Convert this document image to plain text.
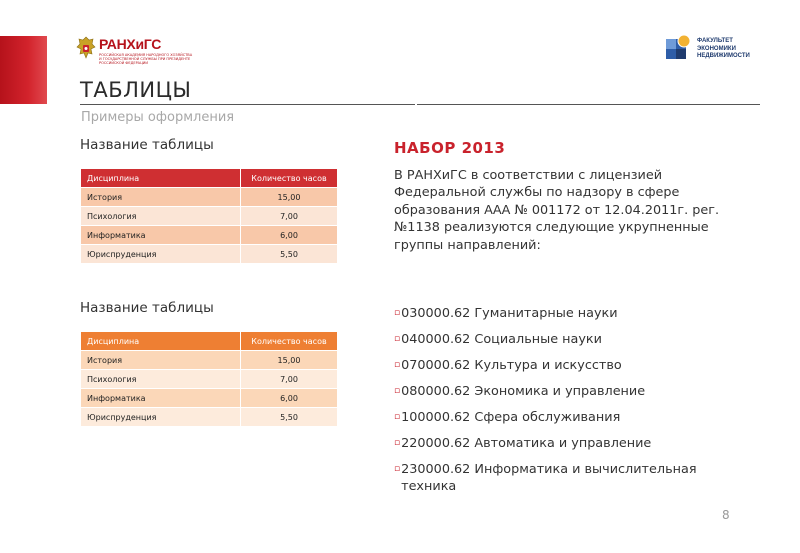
РАНХиГС
РОССИЙСКАЯ АКАДЕМИЯ НАРОДНОГО ХОЗЯЙСТВА И ГОСУДАРСТВЕННОЙ СЛУЖБЫ ПРИ ПРЕЗИДЕНТЕ РОССИЙСКОЙ ФЕДЕРАЦИИ
ФАКУЛЬТЕТ
ЭКОНОМИКИ
НЕДВИЖИМОСТИ
ТАБЛИЦЫ
Примеры оформления
Название таблицы
Дисциплина	Количество часов
История	15,00
Психология	7,00
Информатика	6,00
Юриспруденция	5,50
Название таблицы
Дисциплина	Количество часов
История	15,00
Психология	7,00
Информатика	6,00
Юриспруденция	5,50
НАБОР 2013
В РАНХиГС в соответствии с лицензией Федеральной службы по надзору в сфере образования ААА № 001172 от 12.04.2011г. рег. №1138 реализуются следующие укрупненные группы направлений:
▫ 030000.62 Гуманитарные науки
▫ 040000.62 Социальные науки
▫ 070000.62 Культура и искусство
▫ 080000.62 Экономика и управление
▫ 100000.62 Сфера обслуживания
▫ 220000.62 Автоматика и управление
▫ 230000.62 Информатика и вычислительная техника
8
